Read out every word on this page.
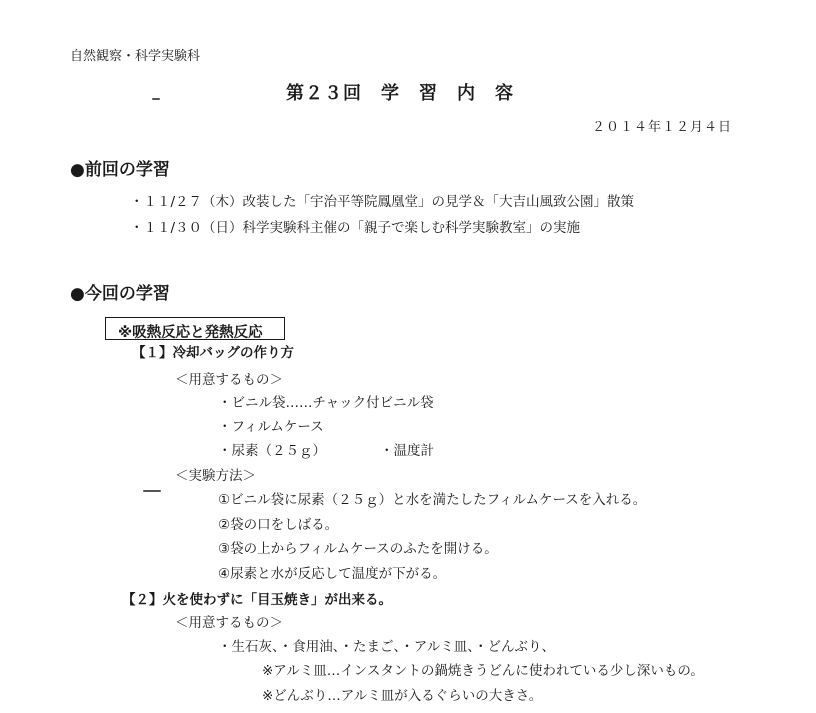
自然観察・科学実験科
第２３回　学　習　内　容
２０１４年１２月４日
●前回の学習
・１１/２７（木）改装した「宇治平等院鳳凰堂」の見学＆「大吉山風致公園」散策
・１１/３０（日）科学実験科主催の「親子で楽しむ科学実験教室」の実施
●今回の学習
※吸熱反応と発熱反応
【１】冷却バッグの作り方
＜用意するもの＞
・ビニル袋……チャック付ビニル袋
・フィルムケース
・尿素（２５ｇ）	・温度計
＜実験方法＞
①ビニル袋に尿素（２５ｇ）と水を満たしたフィルムケースを入れる。
②袋の口をしばる。
③袋の上からフィルムケースのふたを開ける。
④尿素と水が反応して温度が下がる。
【２】火を使わずに「目玉焼き」が出来る。
＜用意するもの＞
・生石灰、・食用油、・たまご、・アルミ皿、・どんぶり、
※アルミ皿…インスタントの鍋焼きうどんに使われている少し深いもの。
※どんぶり…アルミ皿が入るぐらいの大きさ。
